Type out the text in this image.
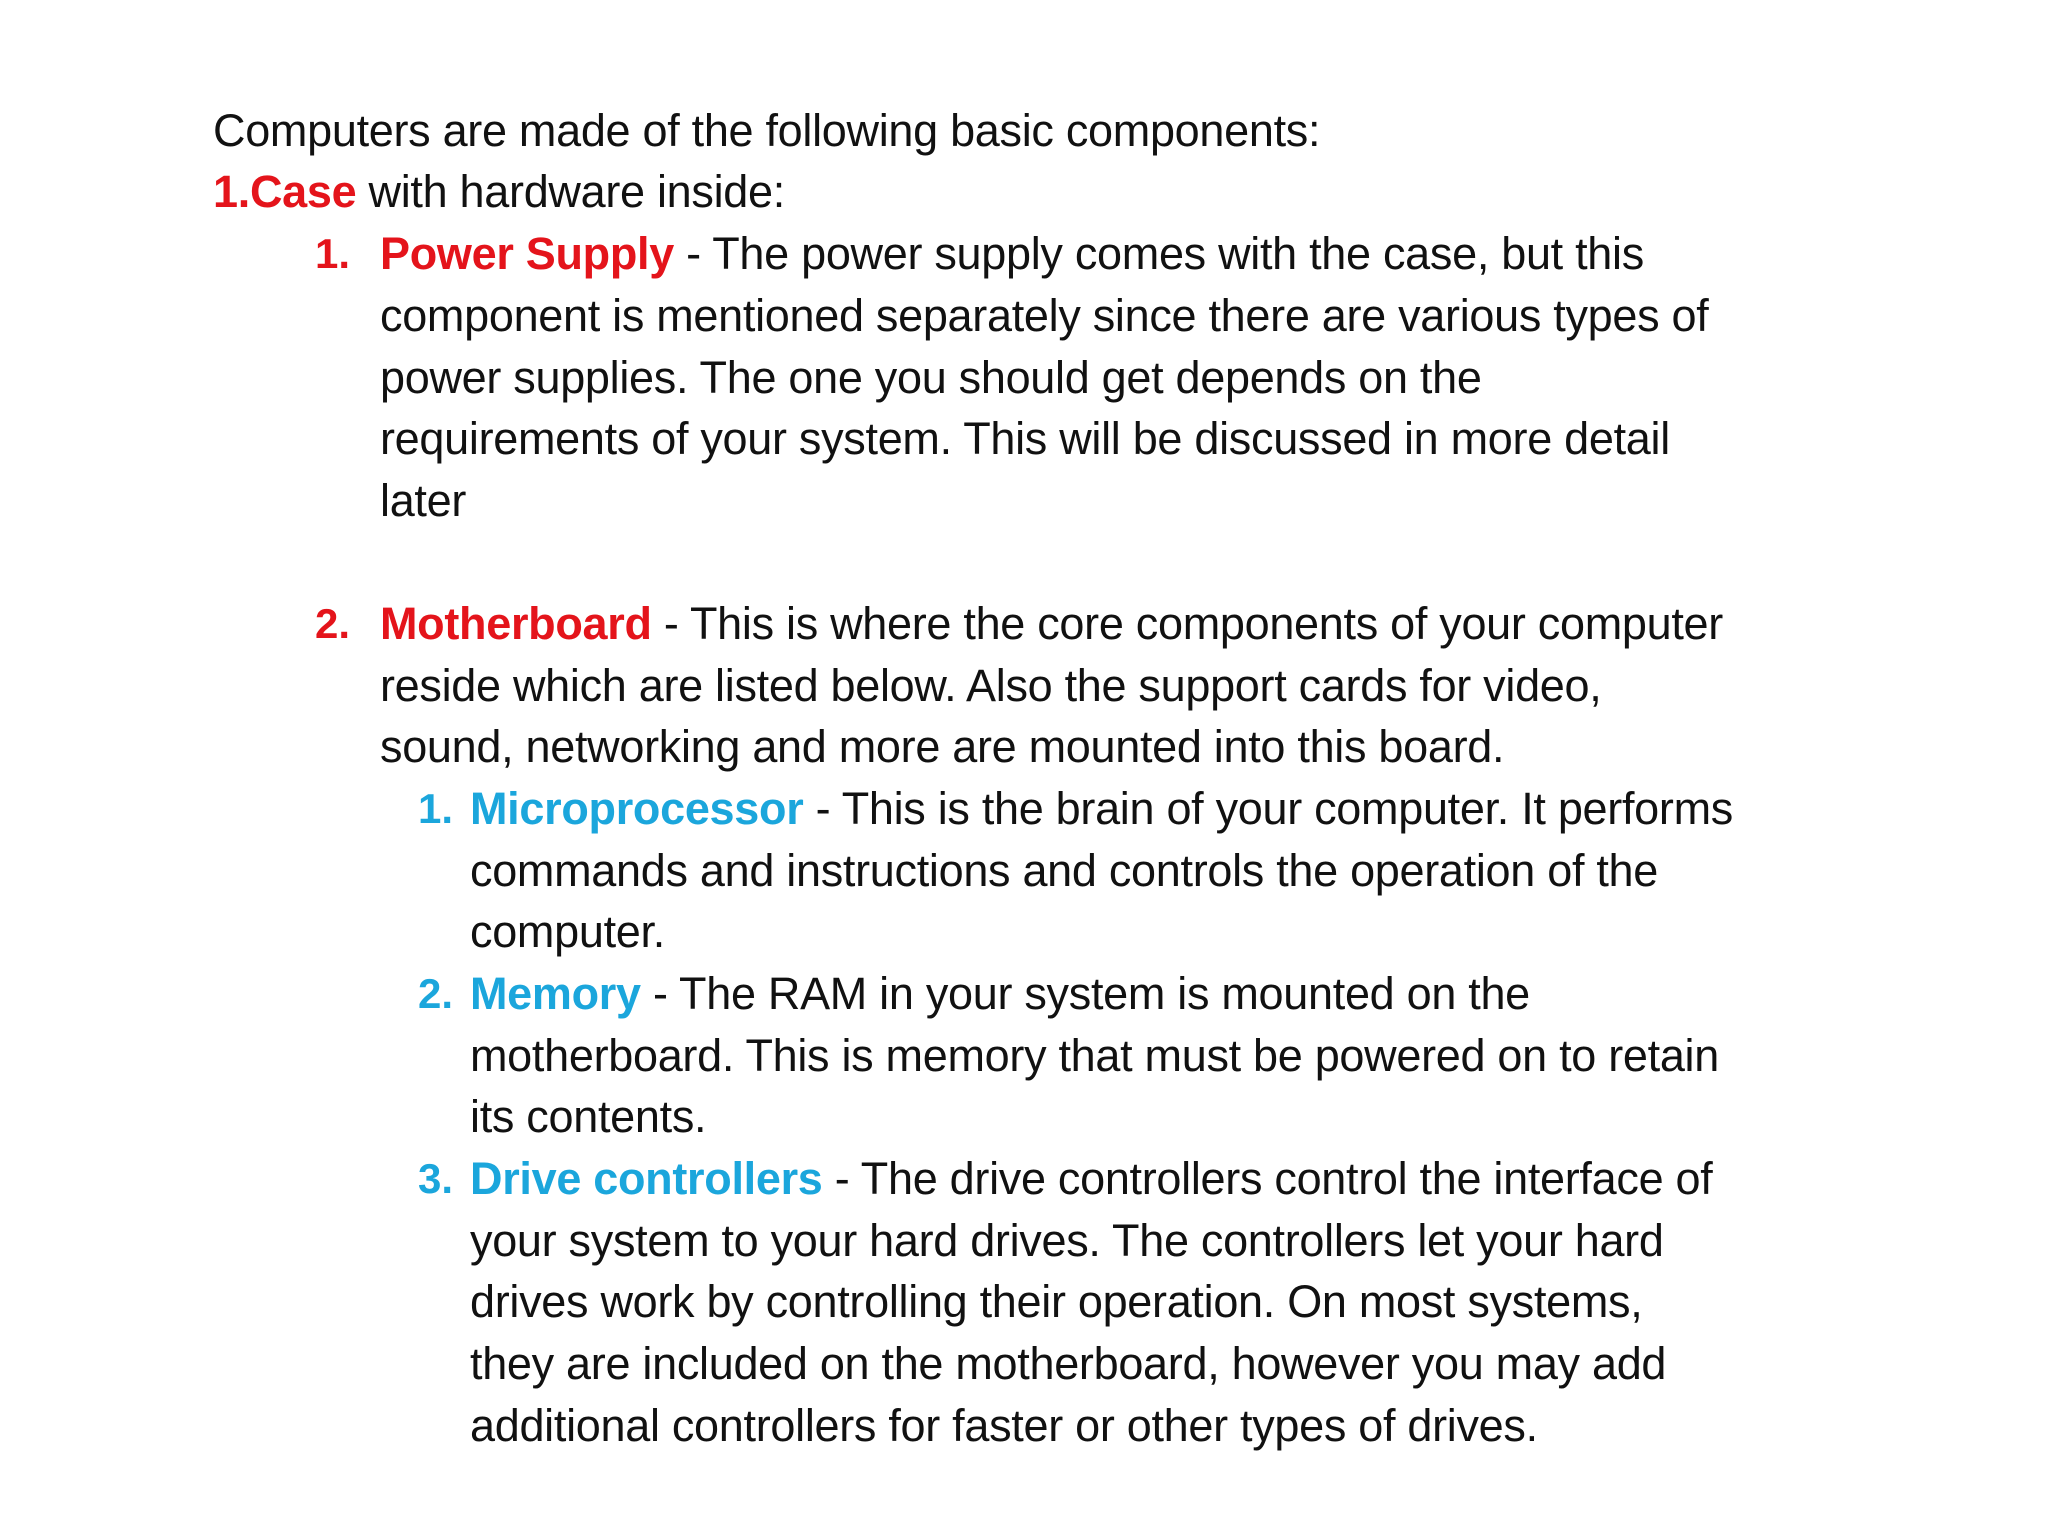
Computers are made of the following basic components:
1.Case with hardware inside:
1. Power Supply - The power supply comes with the case, but this
component is mentioned separately since there are various types of
power supplies. The one you should get depends on the
requirements of your system. This will be discussed in more detail
later
2. Motherboard - This is where the core components of your computer
reside which are listed below. Also the support cards for video,
sound, networking and more are mounted into this board.
1. Microprocessor - This is the brain of your computer. It performs
commands and instructions and controls the operation of the
computer.
2. Memory - The RAM in your system is mounted on the
motherboard. This is memory that must be powered on to retain
its contents.
3. Drive controllers - The drive controllers control the interface of
your system to your hard drives. The controllers let your hard
drives work by controlling their operation. On most systems,
they are included on the motherboard, however you may add
additional controllers for faster or other types of drives.
